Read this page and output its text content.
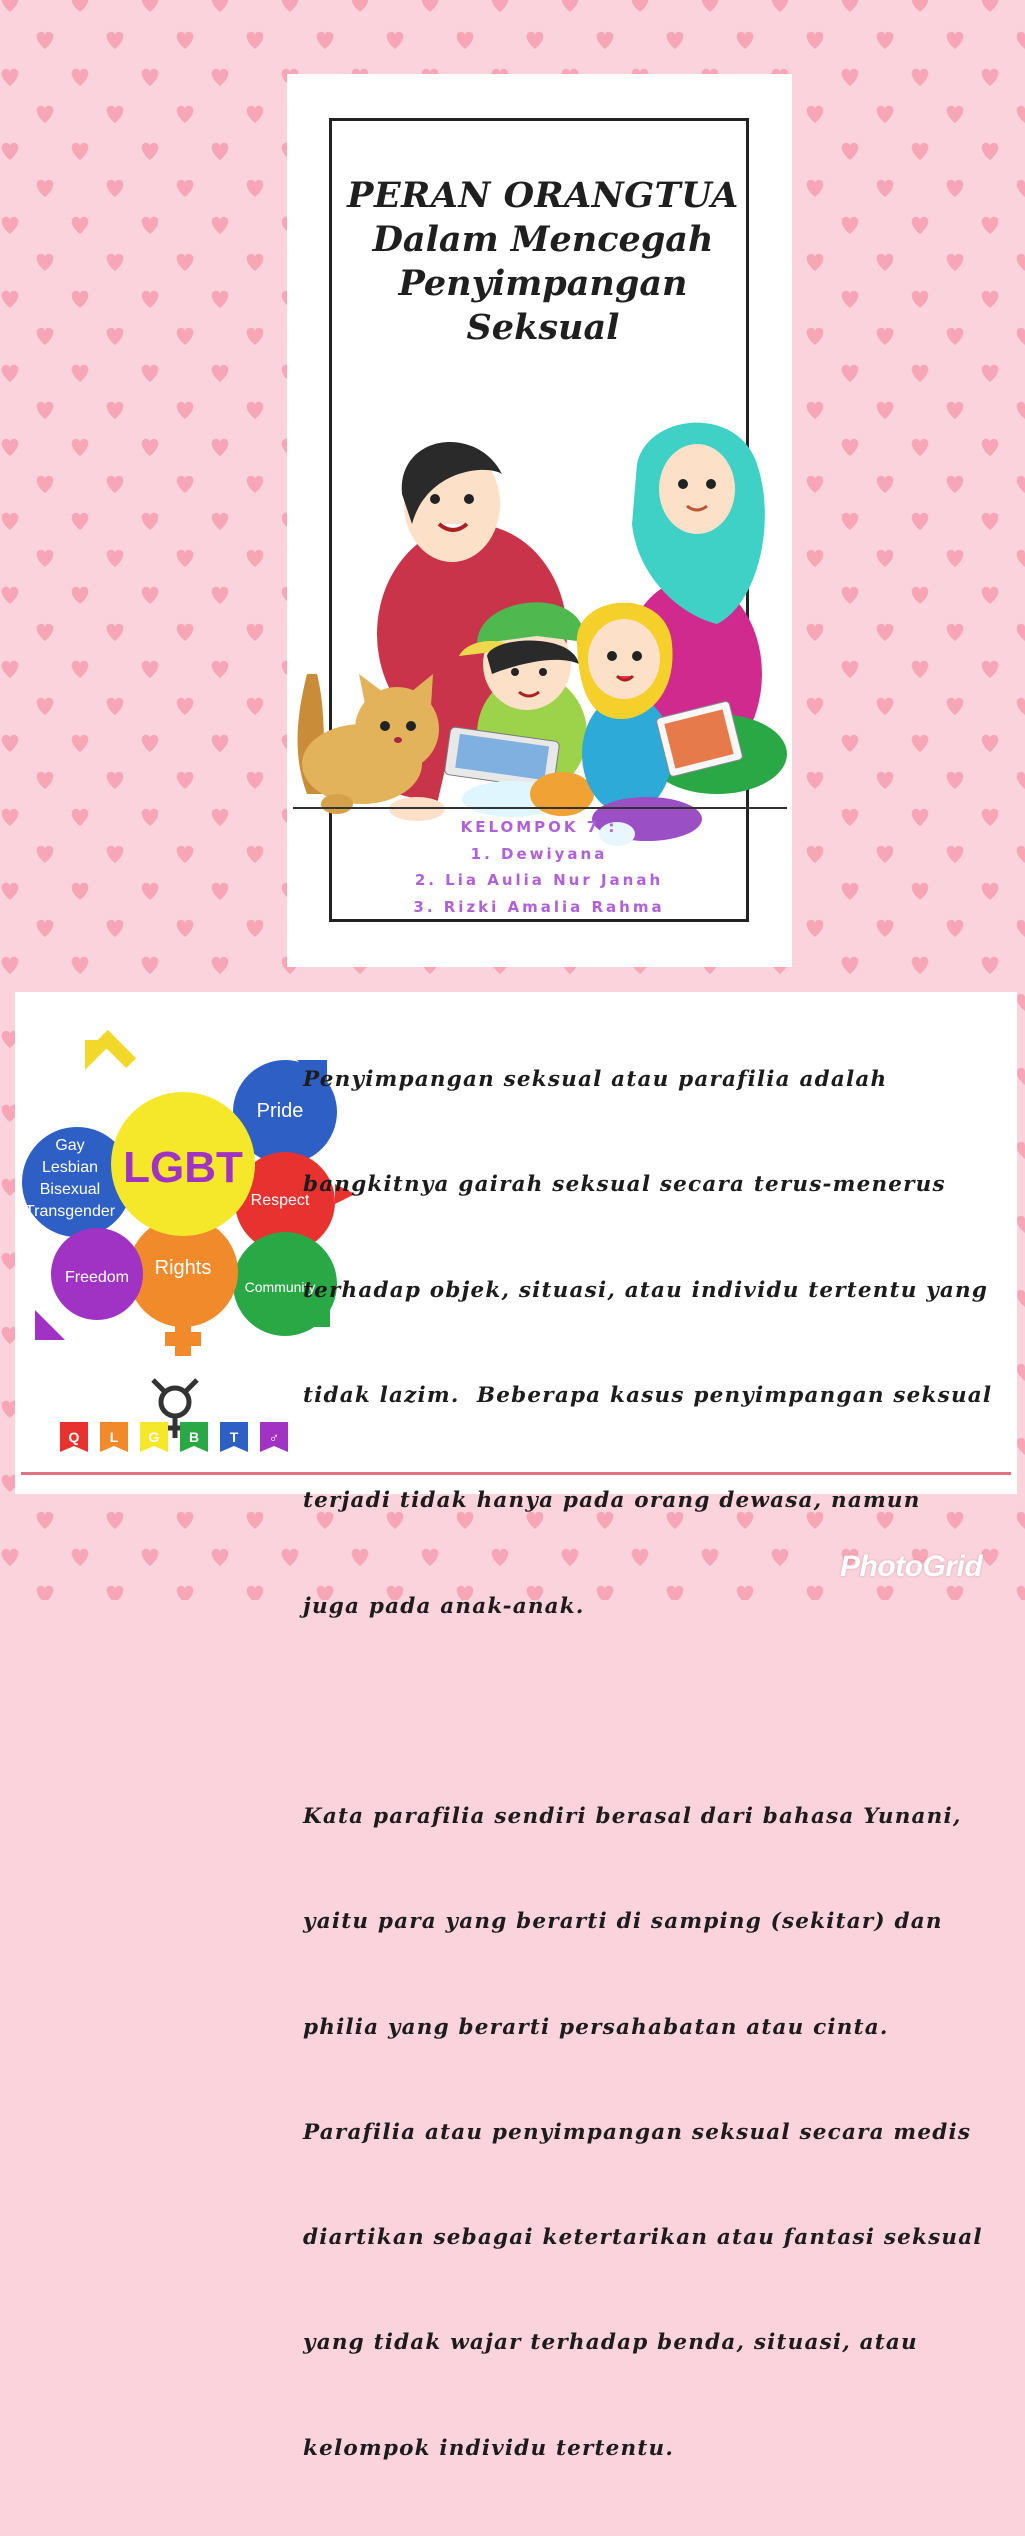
PERAN ORANGTUA
Dalam Mencegah
Penyimpangan Seksual
KELOMPOK 7 :
1. Dewiyana
2. Lia Aulia Nur Janah
3. Rizki Amalia Rahma
LGBT
Gay
Lesbian
Bisexual
Transgender
Pride
Respect
Rights
Freedom
Community
Q L G B T ♂

Penyimpangan seksual atau parafilia adalah

bangkitnya gairah seksual secara terus-menerus

terhadap objek, situasi, atau individu tertentu yang

tidak lazim.  Beberapa kasus penyimpangan seksual

terjadi tidak hanya pada orang dewasa, namun

juga pada anak-anak.

Kata parafilia sendiri berasal dari bahasa Yunani,

yaitu para yang berarti di samping (sekitar) dan

philia yang berarti persahabatan atau cinta.

Parafilia atau penyimpangan seksual secara medis

diartikan sebagai ketertarikan atau fantasi seksual

yang tidak wajar terhadap benda, situasi, atau

kelompok individu tertentu.

PhotoGrid
